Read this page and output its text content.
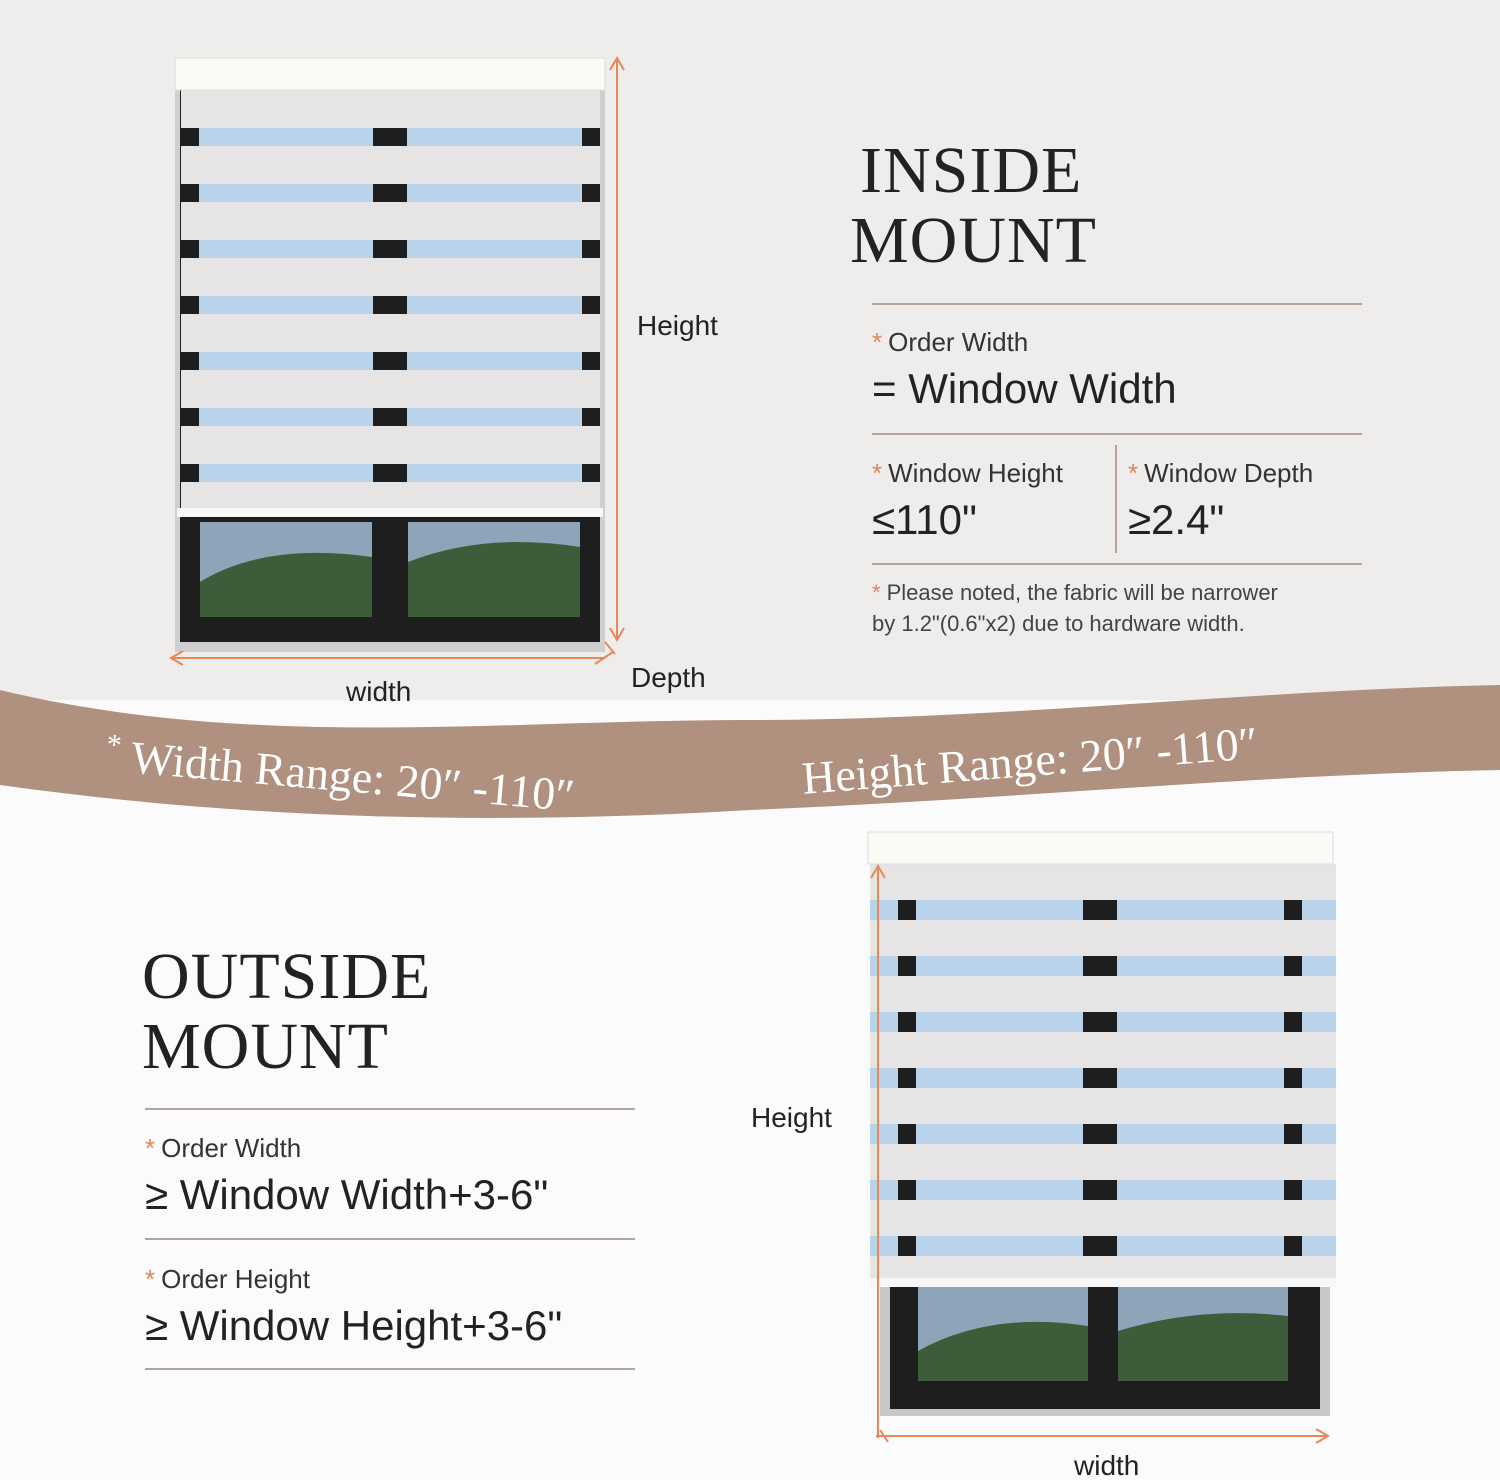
* Width Range: 20″ -110″	Height Range: 20″ -110″
Height
width	Depth
INSIDE
MOUNT
* Order Width
= Window Width
* Window Height
≤110"
* Window Depth
≥2.4"
* Please noted, the fabric will be narrower
by 1.2"(0.6"x2) due to hardware width.
OUTSIDE
MOUNT
* Order Width
≥ Window Width+3-6"
* Order Height
≥ Window Height+3-6"
Height
width
